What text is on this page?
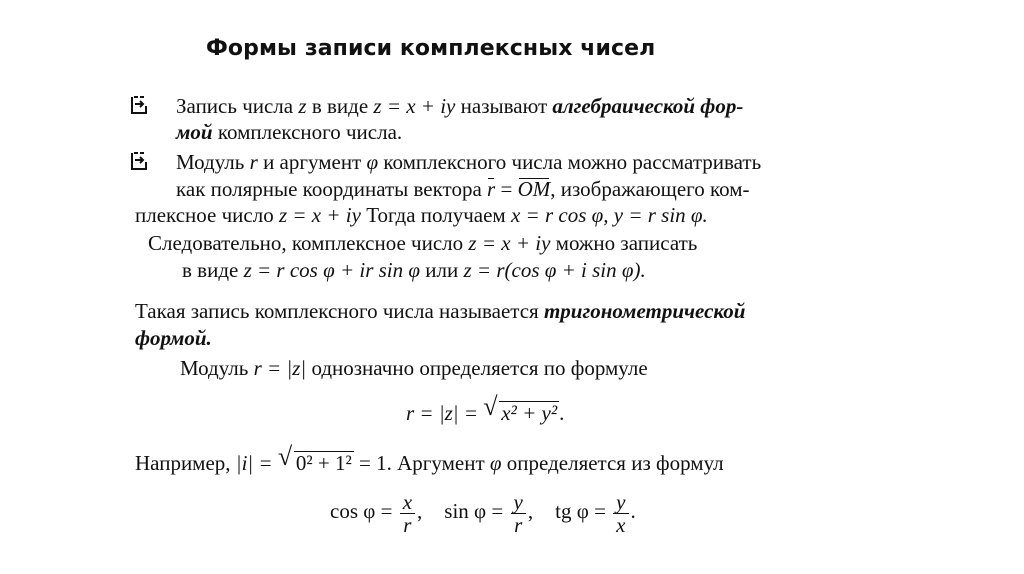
Формы записи комплексных чисел
Запись числа z в виде z = x + iy называют алгебраической фор-
мой комплексного числа.
Модуль r и аргумент φ комплексного числа можно рассматривать
как полярные координаты вектора
r =
OM, изображающего ком-
плексное число z = x + iy Тогда получаем x = r cos φ, y = r sin φ.
Следовательно, комплексное число z = x + iy можно записать
в виде z = r cos φ + ir sin φ или z = r(cos φ + i sin φ).
Такая запись комплексного числа называется тригонометрической
формой.
Модуль r = |z| однозначно определяется по формуле
r = |z| = √ x² + y².
Например, |i| = √ 0² + 1² = 1. Аргумент φ определяется из формул
$\cos \varphi = \frac{x}{r}$ , $\sin \varphi = \frac{y}{r}$ , tg $\varphi = \frac{y}{x}$ .
